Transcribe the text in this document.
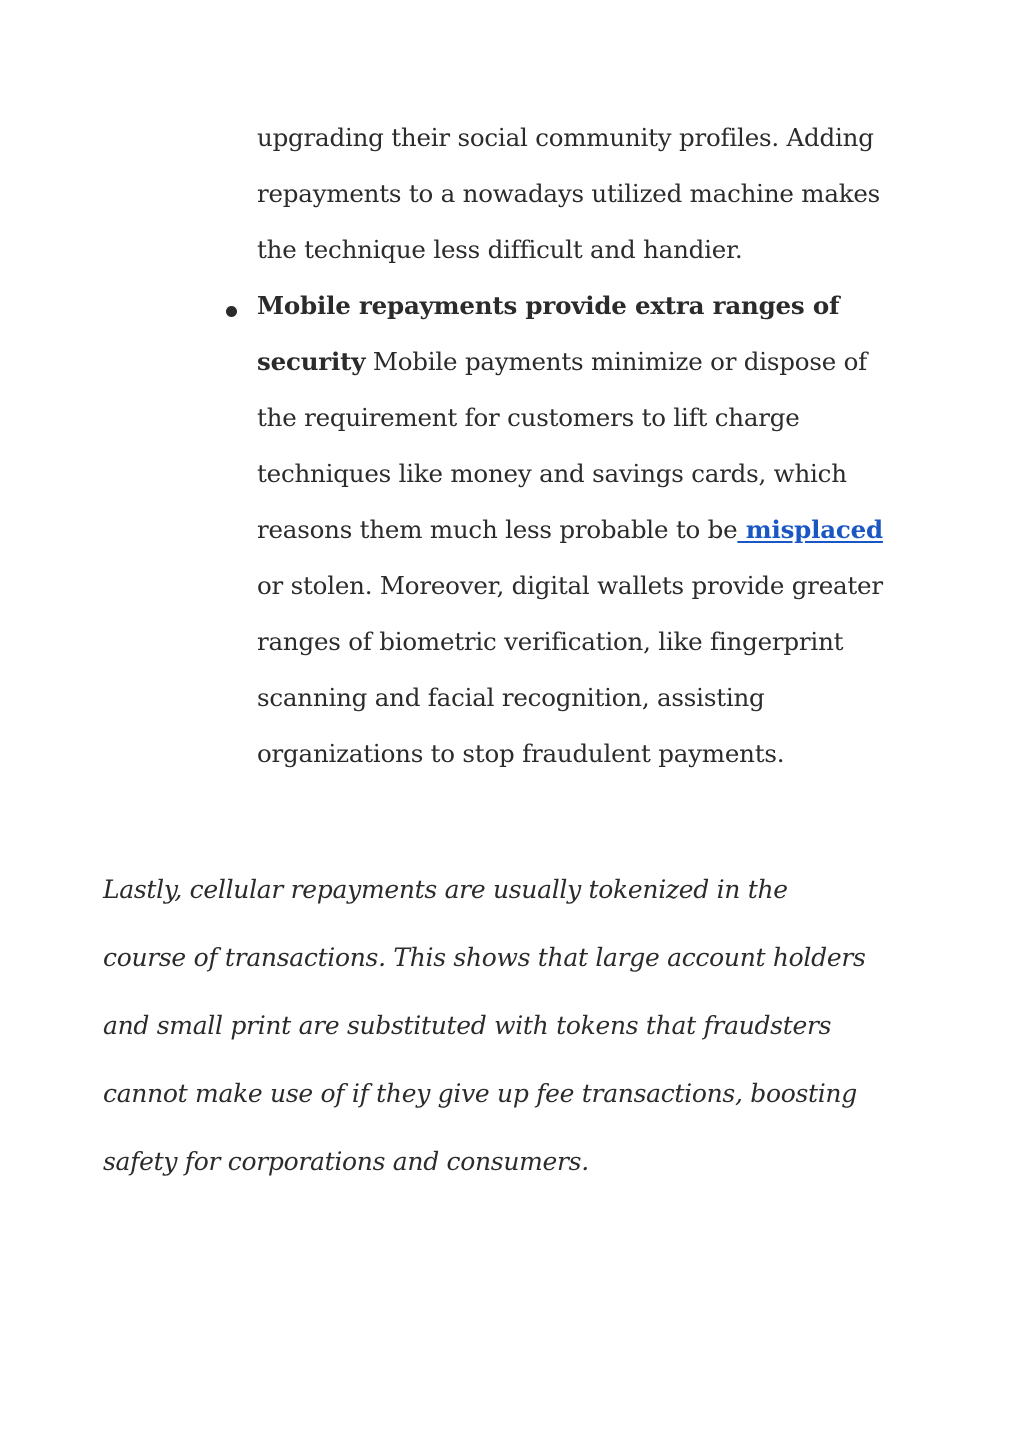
upgrading their social community profiles. Adding
repayments to a nowadays utilized machine makes
the technique less difficult and handier.
Mobile repayments provide extra ranges of
security Mobile payments minimize or dispose of
the requirement for customers to lift charge
techniques like money and savings cards, which
reasons them much less probable to be misplaced
or stolen. Moreover, digital wallets provide greater
ranges of biometric verification, like fingerprint
scanning and facial recognition, assisting
organizations to stop fraudulent payments.
Lastly, cellular repayments are usually tokenized in the
course of transactions. This shows that large account holders
and small print are substituted with tokens that fraudsters
cannot make use of if they give up fee transactions, boosting
safety for corporations and consumers.
